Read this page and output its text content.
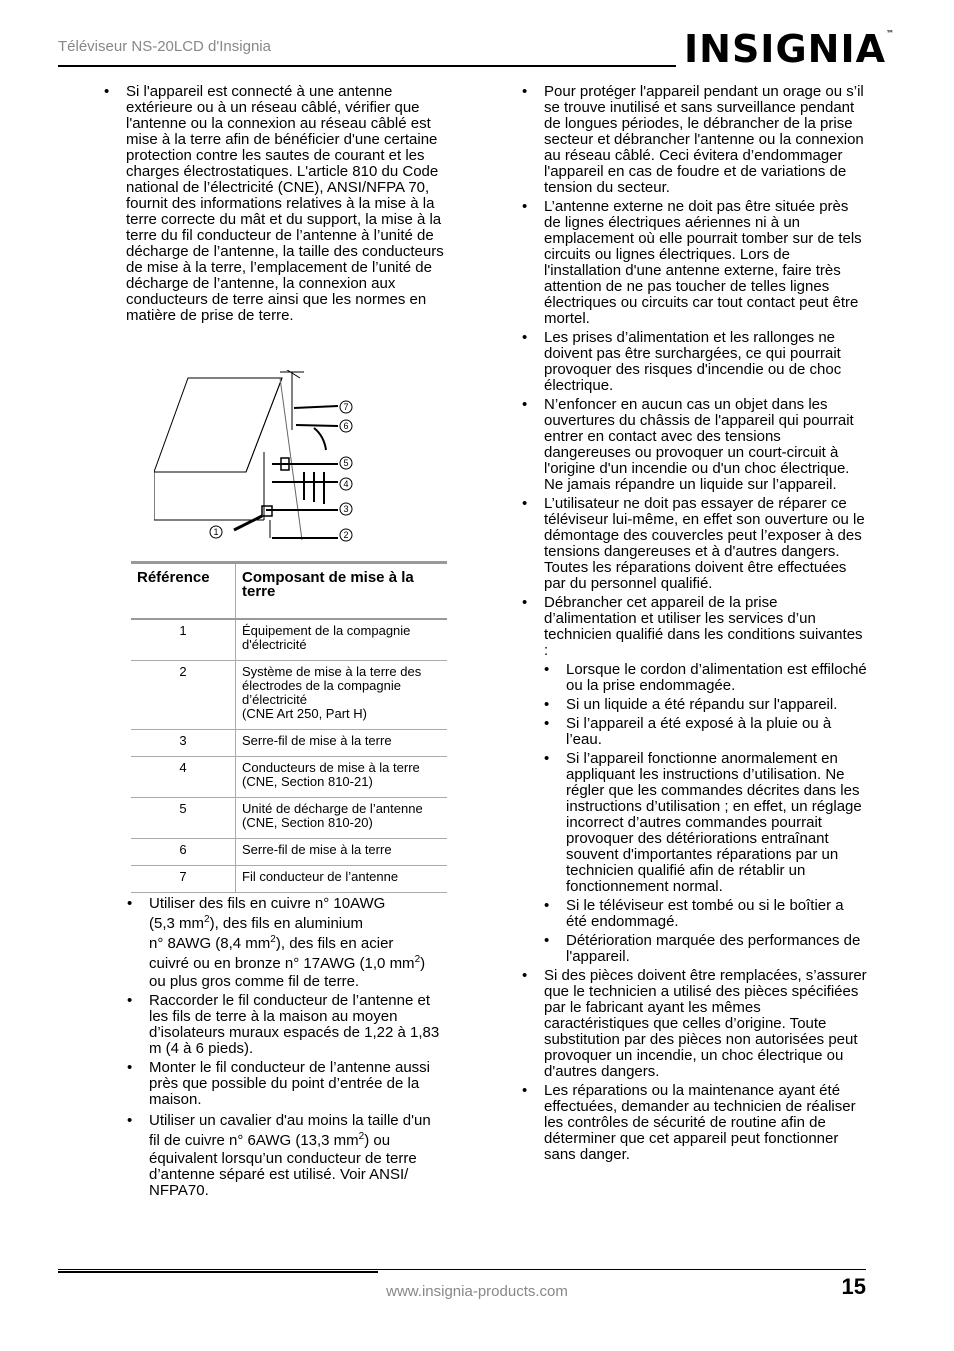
Téléviseur NS-20LCD d'Insignia	INSIGNIA™
• Si l'appareil est connecté à une antenne extérieure ou à un réseau câblé, vérifier que l'antenne ou la connexion au réseau câblé est mise à la terre afin de bénéficier d'une certaine protection contre les sautes de courant et les charges électrostatiques. L'article 810 du Code national de l’électricité (CNE), ANSI/NFPA 70, fournit des informations relatives à la mise à la terre correcte du mât et du support, la mise à la terre du fil conducteur de l’antenne à l’unité de décharge de l’antenne, la taille des conducteurs de mise à la terre, l’emplacement de l’unité de décharge de l’antenne, la connexion aux conducteurs de terre ainsi que les normes en matière de prise de terre.
7
6
5
4
3
2
1
Référence	Composant de mise à la terre
1	Équipement de la compagnie d'électricité
2	Système de mise à la terre des électrodes de la compagnie d’électricité
(CNE Art 250, Part H)
3	Serre-fil de mise à la terre
4	Conducteurs de mise à la terre (CNE, Section 810-21)
5	Unité de décharge de l’antenne (CNE, Section 810-20)
6	Serre-fil de mise à la terre
7	Fil conducteur de l’antenne

• Utiliser des fils en cuivre n° 10AWG

(5,3 $mm^2$), des fils en aluminium

n° 8AWG (8,4 $mm^2$), des fils en acier

cuivré ou en bronze n° 17AWG (1,0 $mm^2$)

ou plus gros comme fil de terre.

• Raccorder le fil conducteur de l’antenne et les fils de terre à la maison au moyen d’isolateurs muraux espacés de 1,22 à 1,83 m (4 à 6 pieds).
• Monter le fil conducteur de l’antenne aussi près que possible du point d’entrée de la maison.

• Utiliser un cavalier d'au moins la taille d'un

fil de cuivre n° 6AWG (13,3 $mm^2$) ou

équivalent lorsqu’un conducteur de terre d’antenne séparé est utilisé. Voir ANSI/ NFPA70.

• Pour protéger l'appareil pendant un orage ou s’il se trouve inutilisé et sans surveillance pendant de longues périodes, le débrancher de la prise secteur et débrancher l'antenne ou la connexion au réseau câblé. Ceci évitera d’endommager l'appareil en cas de foudre et de variations de tension du secteur.
• L’antenne externe ne doit pas être située près de lignes électriques aériennes ni à un emplacement où elle pourrait tomber sur de tels circuits ou lignes électriques. Lors de l'installation d'une antenne externe, faire très attention de ne pas toucher de telles lignes électriques ou circuits car tout contact peut être mortel.
• Les prises d’alimentation et les rallonges ne doivent pas être surchargées, ce qui pourrait provoquer des risques d'incendie ou de choc électrique.
• N’enfoncer en aucun cas un objet dans les ouvertures du châssis de l'appareil qui pourrait entrer en contact avec des tensions dangereuses ou provoquer un court-circuit à l'origine d'un incendie ou d'un choc électrique. Ne jamais répandre un liquide sur l’appareil.
• L’utilisateur ne doit pas essayer de réparer ce téléviseur lui-même, en effet son ouverture ou le démontage des couvercles peut l’exposer à des tensions dangereuses et à d'autres dangers. Toutes les réparations doivent être effectuées par du personnel qualifié.
• Débrancher cet appareil de la prise d’alimentation et utiliser les services d’un technicien qualifié dans les conditions suivantes :
• Lorsque le cordon d’alimentation est effiloché ou la prise endommagée.
• Si un liquide a été répandu sur l'appareil.
• Si l’appareil a été exposé à la pluie ou à l’eau.
• Si l’appareil fonctionne anormalement en appliquant les instructions d’utilisation. Ne régler que les commandes décrites dans les instructions d’utilisation ; en effet, un réglage incorrect d’autres commandes pourrait provoquer des détériorations entraînant souvent d'importantes réparations par un technicien qualifié afin de rétablir un fonctionnement normal.
• Si le téléviseur est tombé ou si le boîtier a été endommagé.
• Détérioration marquée des performances de l'appareil.
• Si des pièces doivent être remplacées, s’assurer que le technicien a utilisé des pièces spécifiées par le fabricant ayant les mêmes caractéristiques que celles d’origine. Toute substitution par des pièces non autorisées peut provoquer un incendie, un choc électrique ou d'autres dangers.
• Les réparations ou la maintenance ayant été effectuées, demander au technicien de réaliser les contrôles de sécurité de routine afin de déterminer que cet appareil peut fonctionner sans danger.
www.insignia-products.com	15
